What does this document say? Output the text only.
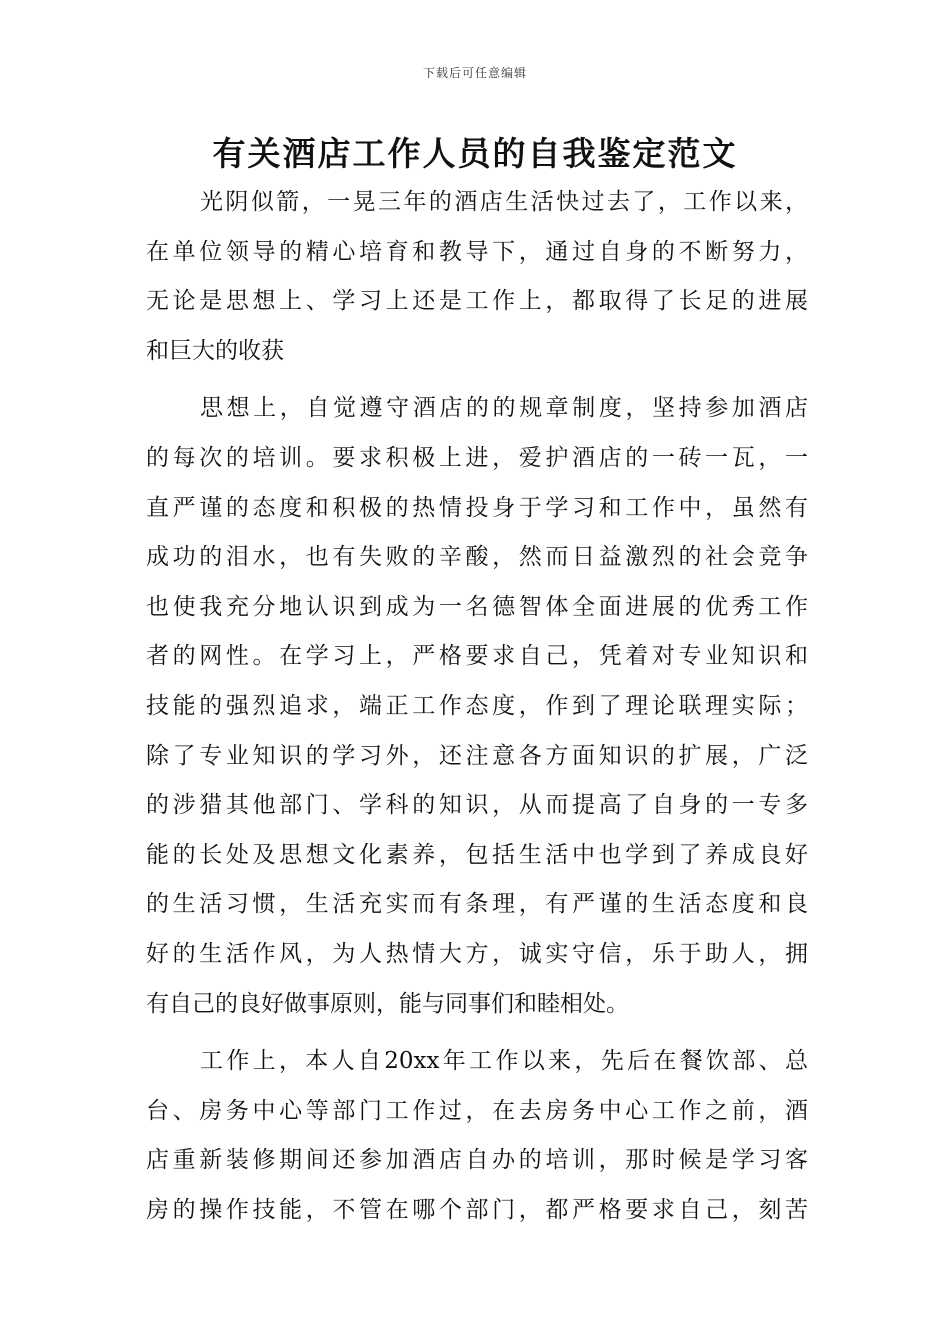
下载后可任意编辑
有关酒店工作人员的自我鉴定范文
光阴似箭，一晃三年的酒店生活快过去了，工作以来，
在单位领导的精心培育和教导下，通过自身的不断努力，
无论是思想上、学习上还是工作上，都取得了长足的进展
和巨大的收获
思想上，自觉遵守酒店的的规章制度，坚持参加酒店
的每次的培训。要求积极上进，爱护酒店的一砖一瓦，一
直严谨的态度和积极的热情投身于学习和工作中，虽然有
成功的泪水，也有失败的辛酸，然而日益激烈的社会竞争
也使我充分地认识到成为一名德智体全面进展的优秀工作
者的网性。在学习上，严格要求自己，凭着对专业知识和
技能的强烈追求，端正工作态度，作到了理论联理实际；
除了专业知识的学习外，还注意各方面知识的扩展，广泛
的涉猎其他部门、学科的知识，从而提高了自身的一专多
能的长处及思想文化素养，包括生活中也学到了养成良好
的生活习惯，生活充实而有条理，有严谨的生活态度和良
好的生活作风，为人热情大方，诚实守信，乐于助人，拥
有自己的良好做事原则，能与同事们和睦相处。
工作上，本人自20xx年工作以来，先后在餐饮部、总
台、房务中心等部门工作过，在去房务中心工作之前，酒
店重新装修期间还参加酒店自办的培训，那时候是学习客
房的操作技能，不管在哪个部门，都严格要求自己，刻苦
